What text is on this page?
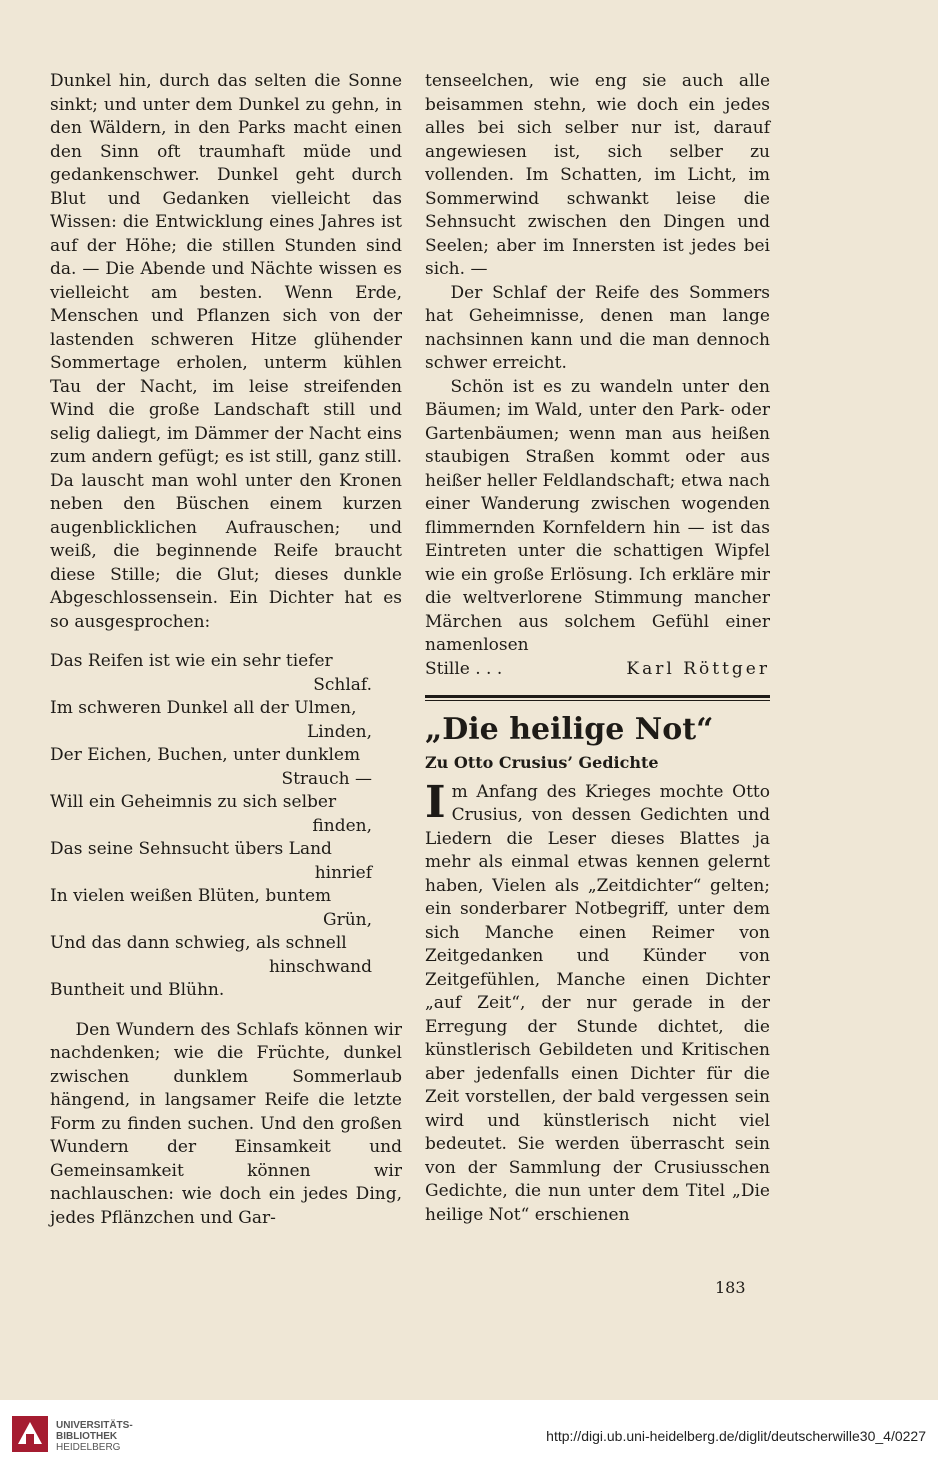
Dunkel hin, durch das selten die Sonne sinkt; und unter dem Dunkel zu gehn, in den Wäldern, in den Parks macht einen den Sinn oft traumhaft müde und gedankenschwer. Dunkel geht durch Blut und Gedanken vielleicht das Wissen: die Entwicklung eines Jahres ist auf der Höhe; die stillen Stunden sind da. — Die Abende und Nächte wissen es vielleicht am besten. Wenn Erde, Menschen und Pflanzen sich von der lastenden schweren Hitze glühender Sommertage erholen, unterm kühlen Tau der Nacht, im leise streifenden Wind die große Landschaft still und selig daliegt, im Dämmer der Nacht eins zum andern gefügt; es ist still, ganz still. Da lauscht man wohl unter den Kronen neben den Büschen einem kurzen augenblicklichen Aufrauschen; und weiß, die beginnende Reife braucht diese Stille; die Glut; dieses dunkle Abgeschlossensein. Ein Dichter hat es so ausgesprochen:

Das Reifen ist wie ein sehr tiefer
Schlaf.
Im schweren Dunkel all der Ulmen,
Linden,
Der Eichen, Buchen, unter dunklem
Strauch —
Will ein Geheimnis zu sich selber
finden,
Das seine Sehnsucht übers Land
hinrief
In vielen weißen Blüten, buntem
Grün,
Und das dann schwieg, als schnell
hinschwand
Buntheit und Blühn.

Den Wundern des Schlafs können wir nachdenken; wie die Früchte, dunkel zwischen dunklem Sommerlaub hängend, in langsamer Reife die letzte Form zu finden suchen. Und den großen Wundern der Einsamkeit und Gemeinsamkeit können wir nachlauschen: wie doch ein jedes Ding, jedes Pflänzchen und Gar-

tenseelchen, wie eng sie auch alle beisammen stehn, wie doch ein jedes alles bei sich selber nur ist, darauf angewiesen ist, sich selber zu vollenden. Im Schatten, im Licht, im Sommerwind schwankt leise die Sehnsucht zwischen den Dingen und Seelen; aber im Innersten ist jedes bei sich. —

Der Schlaf der Reife des Sommers hat Geheimnisse, denen man lange nachsinnen kann und die man dennoch schwer erreicht.

Schön ist es zu wandeln unter den Bäumen; im Wald, unter den Park- oder Gartenbäumen; wenn man aus heißen staubigen Straßen kommt oder aus heißer heller Feldlandschaft; etwa nach einer Wanderung zwischen wogenden flimmernden Kornfeldern hin — ist das Eintreten unter die schattigen Wipfel wie ein große Erlösung. Ich erkläre mir die weltverlorene Stimmung mancher Märchen aus solchem Gefühl einer namenlosen

Stille . . .	Karl Röttger
„Die heilige Not“
Zu Otto Crusius’ Gedichte

Im Anfang des Krieges mochte Otto Crusius, von dessen Gedichten und Liedern die Leser dieses Blattes ja mehr als einmal etwas kennen gelernt haben, Vielen als „Zeitdichter“ gelten; ein sonderbarer Notbegriff, unter dem sich Manche einen Reimer von Zeitgedanken und Künder von Zeitgefühlen, Manche einen Dichter „auf Zeit“, der nur gerade in der Erregung der Stunde dichtet, die künstlerisch Gebildeten und Kritischen aber jedenfalls einen Dichter für die Zeit vorstellen, der bald vergessen sein wird und künstlerisch nicht viel bedeutet. Sie werden überrascht sein von der Sammlung der Crusiusschen Gedichte, die nun unter dem Titel „Die heilige Not“ erschienen

183
UNIVERSITÄTS-
BIBLIOTHEK
HEIDELBERG
http://digi.ub.uni-heidelberg.de/diglit/deutscherwille30_4/0227
